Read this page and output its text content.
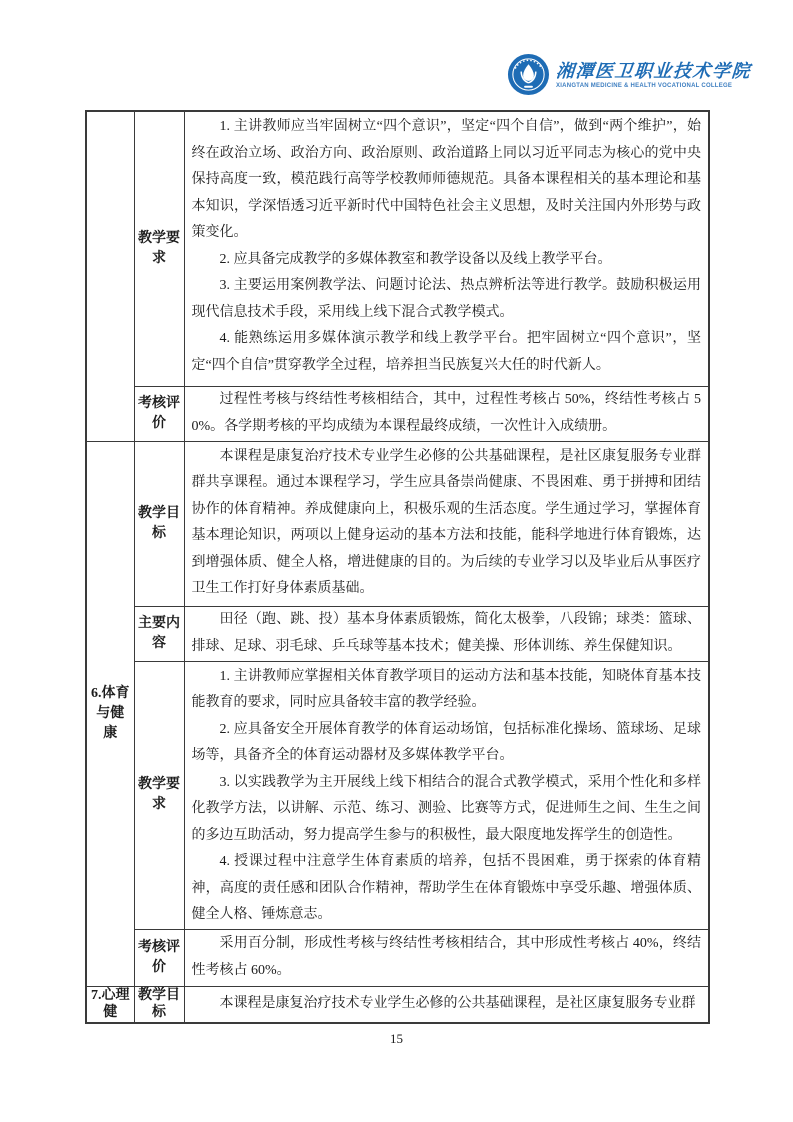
湘潭医卫职业技术学院
XIANGTAN MEDICINE & HEALTH VOCATIONAL COLLEGE
	教学要求	1. 主讲教师应当牢固树立“四个意识”，坚定“四个自信”，做到“两个维护”，始终在政治立场、政治方向、政治原则、政治道路上同以习近平同志为核心的党中央保持高度一致，模范践行高等学校教师师德规范。具备本课程相关的基本理论和基本知识，学深悟透习近平新时代中国特色社会主义思想，及时关注国内外形势与政策变化。

2. 应具备完成教学的多媒体教室和教学设备以及线上教学平台。

3. 主要运用案例教学法、问题讨论法、热点辨析法等进行教学。鼓励积极运用现代信息技术手段，采用线上线下混合式教学模式。

4. 能熟练运用多媒体演示教学和线上教学平台。把牢固树立“四个意识”，坚定“四个自信”贯穿教学全过程，培养担当民族复兴大任的时代新人。

	考核评价	过程性考核与终结性考核相结合，其中，过程性考核占 50%，终结性考核占 50%。各学期考核的平均成绩为本课程最终成绩，一次性计入成绩册。

6.体育与健康	教学目标	本课程是康复治疗技术专业学生必修的公共基础课程，是社区康复服务专业群群共享课程。通过本课程学习，学生应具备崇尚健康、不畏困难、勇于拼搏和团结协作的体育精神。养成健康向上，积极乐观的生活态度。学生通过学习，掌握体育基本理论知识，两项以上健身运动的基本方法和技能，能科学地进行体育锻炼，达到增强体质、健全人格，增进健康的目的。为后续的专业学习以及毕业后从事医疗卫生工作打好身体素质基础。

	主要内容	田径（跑、跳、投）基本身体素质锻炼，简化太极拳，八段锦；球类：篮球、排球、足球、羽毛球、乒乓球等基本技术；健美操、形体训练、养生保健知识。

	教学要求	1. 主讲教师应掌握相关体育教学项目的运动方法和基本技能，知晓体育基本技能教育的要求，同时应具备较丰富的教学经验。

2. 应具备安全开展体育教学的体育运动场馆，包括标准化操场、篮球场、足球场等，具备齐全的体育运动器材及多媒体教学平台。

3. 以实践教学为主开展线上线下相结合的混合式教学模式，采用个性化和多样化教学方法，以讲解、示范、练习、测验、比赛等方式，促进师生之间、生生之间的多边互助活动，努力提高学生参与的积极性，最大限度地发挥学生的创造性。

4. 授课过程中注意学生体育素质的培养，包括不畏困难，勇于探索的体育精神，高度的责任感和团队合作精神，帮助学生在体育锻炼中享受乐趣、增强体质、健全人格、锤炼意志。

	考核评价	采用百分制，形成性考核与终结性考核相结合，其中形成性考核占 40%，终结性考核占 60%。

7.心理健	教学目标	本课程是康复治疗技术专业学生必修的公共基础课程，是社区康复服务专业群

15
